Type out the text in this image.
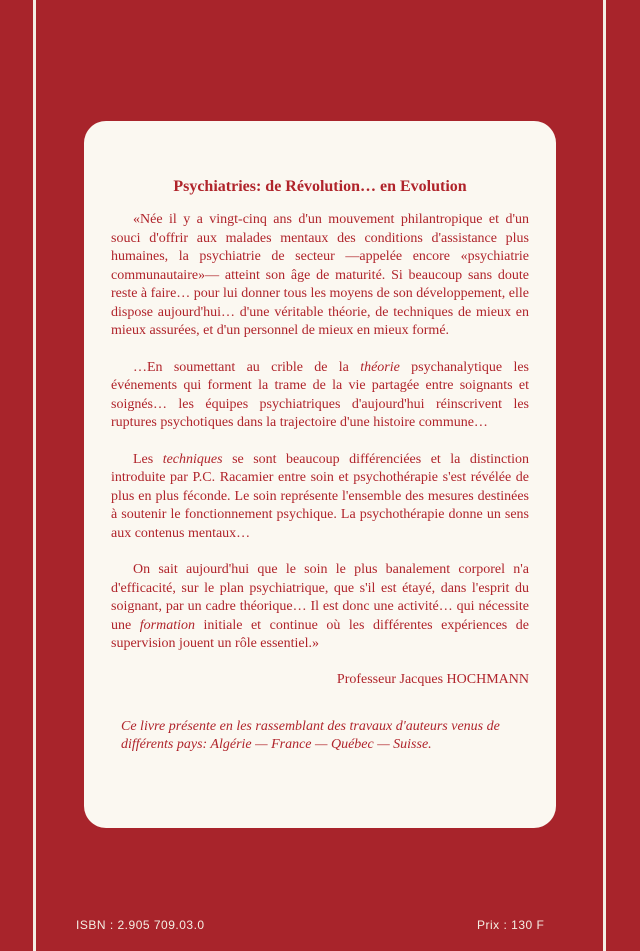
Psychiatries: de Révolution… en Evolution

«Née il y a vingt-cinq ans d'un mouvement philantropique et d'un souci d'offrir aux malades mentaux des conditions d'assistance plus humaines, la psychiatrie de secteur —appelée encore «psychiatrie communautaire»— atteint son âge de maturité. Si beaucoup sans doute reste à faire… pour lui donner tous les moyens de son développement, elle dispose aujourd'hui… d'une véritable théorie, de techniques de mieux en mieux assurées, et d'un personnel de mieux en mieux formé.

…En soumettant au crible de la théorie psychanalytique les événements qui forment la trame de la vie partagée entre soignants et soignés… les équipes psychiatriques d'aujourd'hui réinscrivent les ruptures psychotiques dans la trajectoire d'une histoire commune…

Les techniques se sont beaucoup différenciées et la distinction introduite par P.C. Racamier entre soin et psychothérapie s'est révélée de plus en plus féconde. Le soin représente l'ensemble des mesures destinées à soutenir le fonctionnement psychique. La psychothérapie donne un sens aux contenus mentaux…

On sait aujourd'hui que le soin le plus banalement corporel n'a d'efficacité, sur le plan psychiatrique, que s'il est étayé, dans l'esprit du soignant, par un cadre théorique… Il est donc une activité… qui nécessite une formation initiale et continue où les différentes expériences de supervision jouent un rôle essentiel.»

Professeur Jacques HOCHMANN

Ce livre présente en les rassemblant des travaux d'auteurs venus de différents pays: Algérie — France — Québec — Suisse.

ISBN : 2.905 709.03.0	Prix : 130 F
